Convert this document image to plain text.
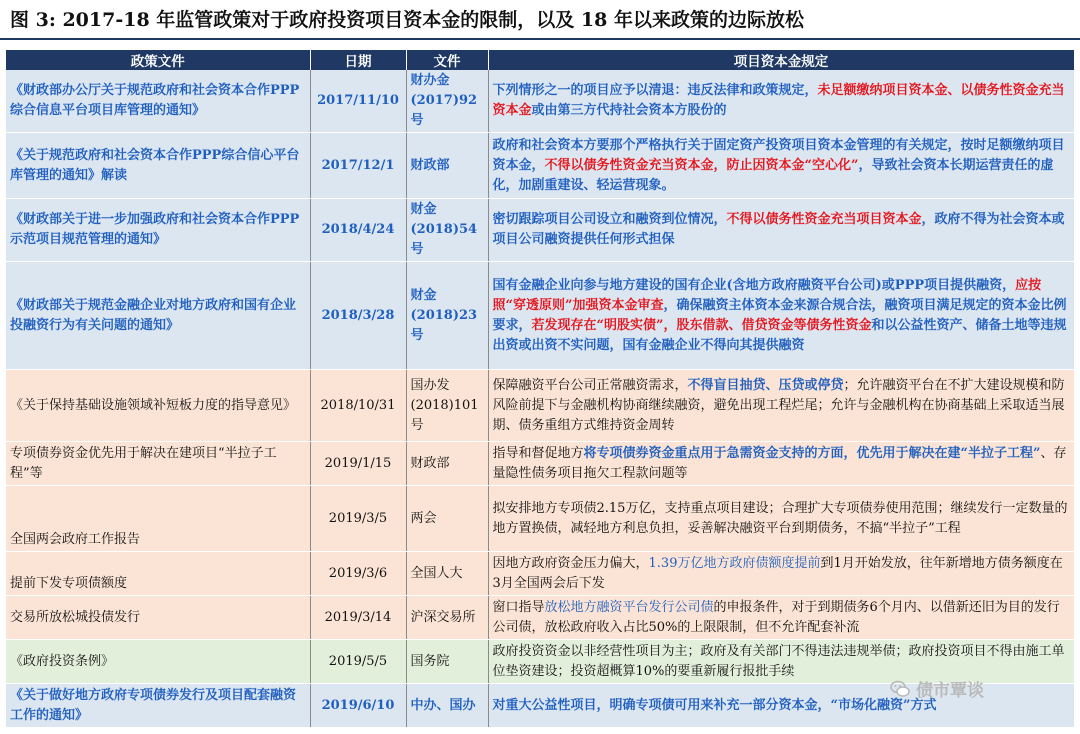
图 3: 2017-18 年监管政策对于政府投资项目资本金的限制，以及 18 年以来政策的边际放松
政策文件	日期	文件	项目资本金规定
《财政部办公厅关于规范政府和社会资本合作PPP综合信息平台项目库管理的通知》	2017/11/10	财办金(2017)92号	下列情形之一的项目应予以清退：违反法律和政策规定，未足额缴纳项目资本金、以债务性资金充当资本金或由第三方代持社会资本方股份的
《关于规范政府和社会资本合作PPP综合信心平台库管理的通知》解读	2017/12/1	财政部	政府和社会资本方要那个严格执行关于固定资产投资项目资本金管理的有关规定，按时足额缴纳项目资本金，不得以债务性资金充当资本金，防止因资本金“空心化”，导致社会资本长期运营责任的虚化，加剧重建设、轻运营现象。
《财政部关于进一步加强政府和社会资本合作PPP示范项目规范管理的通知》	2018/4/24	财金(2018)54号	密切跟踪项目公司设立和融资到位情况，不得以债务性资金充当项目资本金，政府不得为社会资本或项目公司融资提供任何形式担保
《财政部关于规范金融企业对地方政府和国有企业投融资行为有关问题的通知》	2018/3/28	财金(2018)23号	国有金融企业向参与地方建设的国有企业(含地方政府融资平台公司)或PPP项目提供融资，应按照“穿透原则”加强资本金审查，确保融资主体资本金来源合规合法，融资项目满足规定的资本金比例要求，若发现存在“明股实债”，股东借款、借贷资金等债务性资金和以公益性资产、储备土地等违规出资或出资不实问题，国有金融企业不得向其提供融资
《关于保持基础设施领域补短板力度的指导意见》	2018/10/31	国办发(2018)101号	保障融资平台公司正常融资需求，不得盲目抽贷、压贷或停贷；允许融资平台在不扩大建设规模和防风险前提下与金融机构协商继续融资，避免出现工程烂尾；允许与金融机构在协商基础上采取适当展期、债务重组方式维持资金周转
专项债券资金优先用于解决在建项目“半拉子工程”等	2019/1/15	财政部	指导和督促地方将专项债券资金重点用于急需资金支持的方面，优先用于解决在建“半拉子工程”、存量隐性债务项目拖欠工程款问题等
全国两会政府工作报告	2019/3/5	两会	拟安排地方专项债2.15万亿，支持重点项目建设；合理扩大专项债券使用范围；继续发行一定数量的地方置换债，减轻地方利息负担，妥善解决融资平台到期债务，不搞“半拉子”工程
提前下发专项债额度	2019/3/6	全国人大	因地方政府资金压力偏大，1.39万亿地方政府债额度提前到1月开始发放，往年新增地方债务额度在3月全国两会后下发
交易所放松城投债发行	2019/3/14	沪深交易所	窗口指导放松地方融资平台发行公司债的申报条件，对于到期债务6个月内、以借新还旧为目的发行公司债，放松政府收入占比50%的上限限制，但不允许配套补流
《政府投资条例》	2019/5/5	国务院	政府投资资金以非经营性项目为主；政府及有关部门不得违法违规举债；政府投资项目不得由施工单位垫资建设；投资超概算10%的要重新履行报批手续
《关于做好地方政府专项债券发行及项目配套融资工作的通知》	2019/6/10	中办、国办	对重大公益性项目，明确专项债可用来补充一部分资本金，“市场化融资”方式
债市覃谈
